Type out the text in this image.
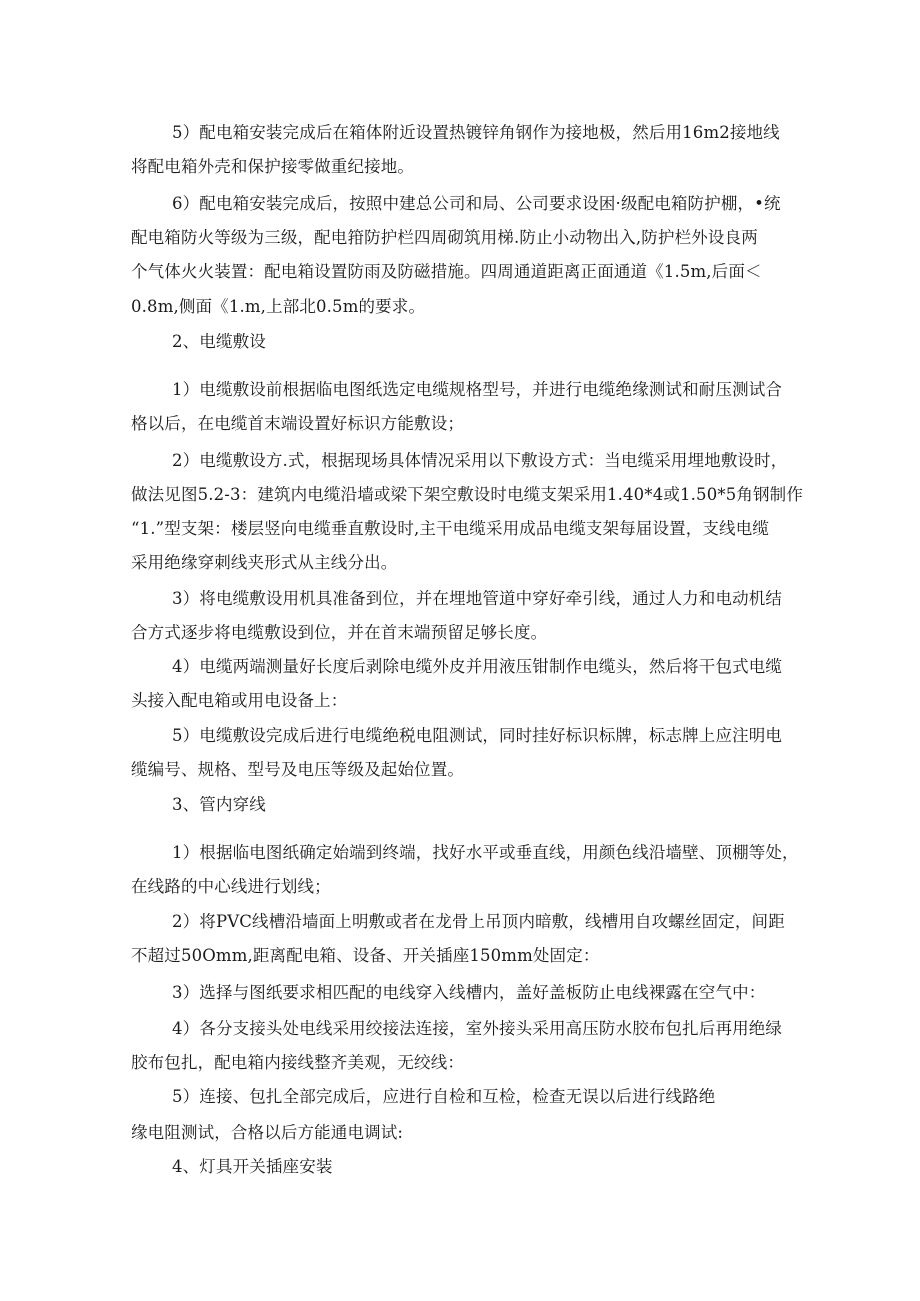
5）配电箱安装完成后在箱体附近设置热镀锌角钢作为接地极，然后用16m2接地线
将配电箱外壳和保护接零做重纪接地。
6）配电箱安装完成后，按照中建总公司和局、公司要求设困·级配电箱防护棚，•统
配电箱防火等级为三级，配电箝防护栏四周砌筑用梯.防止小动物出入,防护栏外设良两
个气体火火装置：配电箱设置防雨及防磁措施。四周通道距离正面通道《1.5m,后面＜
0.8m,侧面《1.m,上部北0.5m的要求。
2、电缆敷设
1）电缆敷设前根据临电图纸选定电缆规格型号，并进行电缆绝缘测试和耐压测试合
格以后，在电缆首末端设置好标识方能敷设；
2）电缆敷设方.式，根据现场具体情况采用以下敷设方式：当电缆采用埋地敷设时，
做法见图5.2-3：建筑内电缆沿墙或梁下架空敷设时电缆支架采用1.40*4或1.50*5角钢制作
“1.”型支架：楼层竖向电缆垂直敷设时,主干电缆采用成品电缆支架每届设置，支线电缆
采用绝缘穿刺线夹形式从主线分出。
3）将电缆敷设用机具准备到位，并在埋地管道中穿好牵引线，通过人力和电动机结
合方式逐步将电缆敷设到位，并在首末端预留足够长度。
4）电缆两端测量好长度后剥除电缆外皮并用液压钳制作电缆头，然后将干包式电缆
头接入配电箱或用电设备上：
5）电缆敷设完成后进行电缆绝税电阻测试，同时挂好标识标牌，标志牌上应注明电
缆编号、规格、型号及电压等级及起始位置。
3、管内穿线
1）根据临电图纸确定始端到终端，找好水平或垂直线，用颜色线沿墙壁、顶棚等处，
在线路的中心线进行划线；
2）将PVC线槽沿墙面上明敷或者在龙骨上吊顶内暗敷，线槽用自攻螺丝固定，间距
不超过50Omm,距离配电箱、设备、开关插座150mm处固定：
3）选择与图纸要求相匹配的电线穿入线槽内，盖好盖板防止电线裸露在空气中：
4）各分支接头处电线采用绞接法连接，室外接头采用高压防水胶布包扎后再用绝绿
胶布包扎，配电箱内接线整齐美观，无绞线：
5）连接、包扎全部完成后，应进行自检和互检，检查无误以后进行线路绝
缘电阻测试，合格以后方能通电调试:
4、灯具开关插座安装
